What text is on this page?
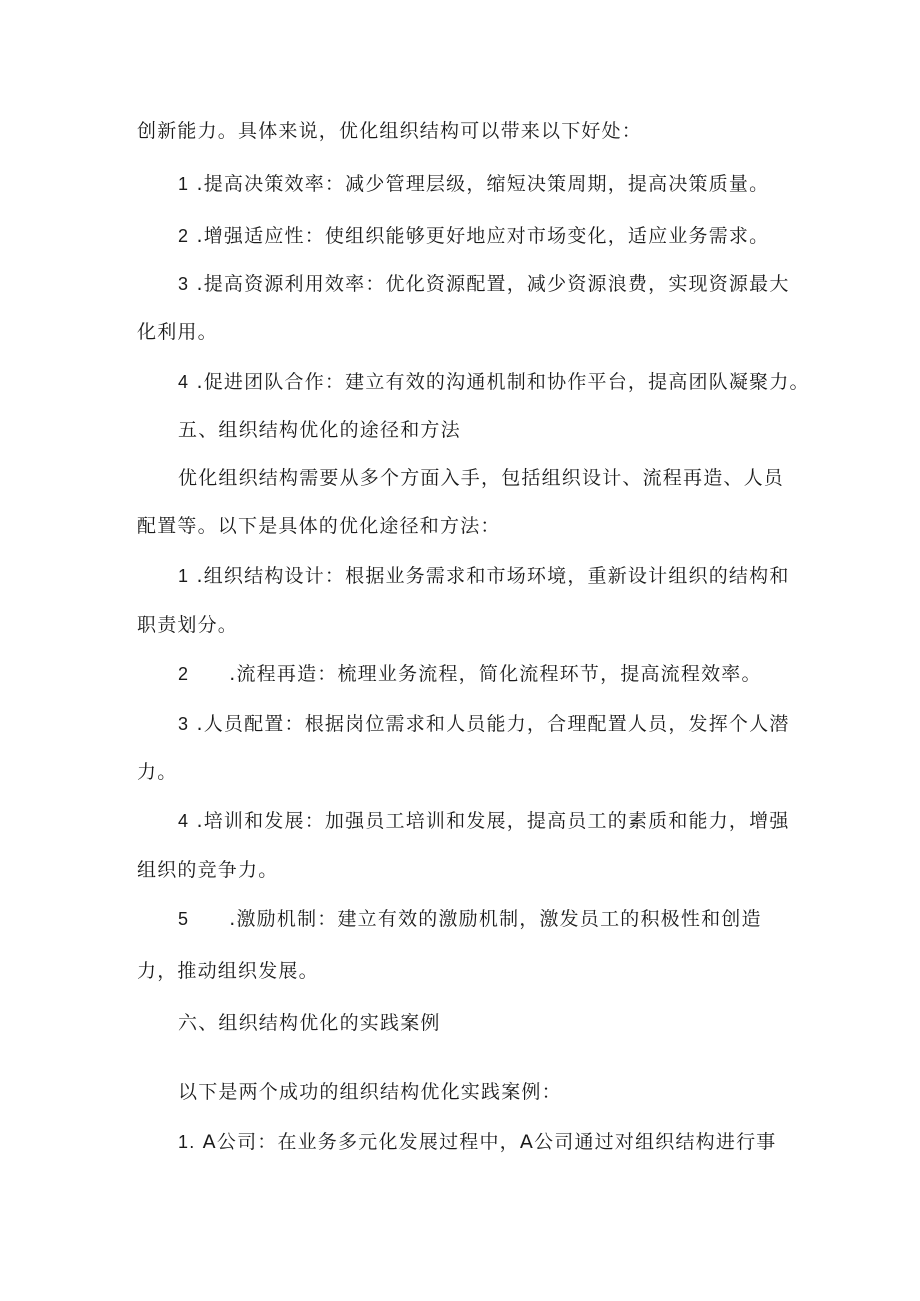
创新能力。具体来说，优化组织结构可以带来以下好处：
1 .提高决策效率：减少管理层级，缩短决策周期，提高决策质量。
2 .增强适应性：使组织能够更好地应对市场变化，适应业务需求。
3 .提高资源利用效率：优化资源配置，减少资源浪费，实现资源最大
化利用。
4 .促进团队合作：建立有效的沟通机制和协作平台，提高团队凝聚力。
五、组织结构优化的途径和方法
优化组织结构需要从多个方面入手，包括组织设计、流程再造、人员
配置等。以下是具体的优化途径和方法：
1 .组织结构设计：根据业务需求和市场环境，重新设计组织的结构和
职责划分。
2 .流程再造：梳理业务流程，简化流程环节，提高流程效率。
3 .人员配置：根据岗位需求和人员能力，合理配置人员，发挥个人潜
力。
4 .培训和发展：加强员工培训和发展，提高员工的素质和能力，增强
组织的竞争力。
5 .激励机制：建立有效的激励机制，激发员工的积极性和创造
力，推动组织发展。
六、组织结构优化的实践案例
以下是两个成功的组织结构优化实践案例：
1. A公司：在业务多元化发展过程中，A公司通过对组织结构进行事
